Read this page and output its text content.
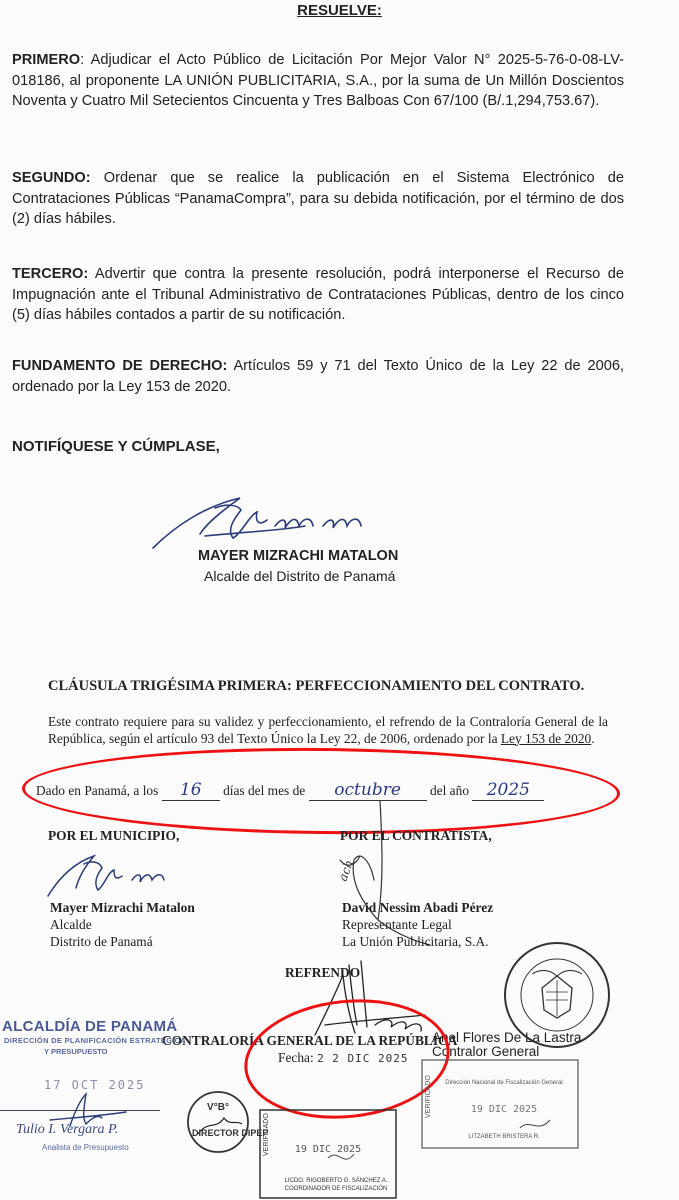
RESUELVE:
PRIMERO: Adjudicar el Acto Público de Licitación Por Mejor Valor N° 2025-5-76-0-08-LV-018186, al proponente LA UNIÓN PUBLICITARIA, S.A., por la suma de Un Millón Doscientos Noventa y Cuatro Mil Setecientos Cincuenta y Tres Balboas Con 67/100 (B/.1,294,753.67).
SEGUNDO: Ordenar que se realice la publicación en el Sistema Electrónico de Contrataciones Públicas “PanamaCompra”, para su debida notificación, por el término de dos (2) días hábiles.
TERCERO: Advertir que contra la presente resolución, podrá interponerse el Recurso de Impugnación ante el Tribunal Administrativo de Contrataciones Públicas, dentro de los cinco (5) días hábiles contados a partir de su notificación.
FUNDAMENTO DE DERECHO: Artículos 59 y 71 del Texto Único de la Ley 22 de 2006, ordenado por la Ley 153 de 2020.
NOTIFÍQUESE Y CÚMPLASE,
MAYER MIZRACHI MATALON
Alcalde del Distrito de Panamá
CLÁUSULA TRIGÉSIMA PRIMERA: PERFECCIONAMIENTO DEL CONTRATO.
Este contrato requiere para su validez y perfeccionamiento, el refrendo de la Contraloría General de la República, según el artículo 93 del Texto Único la Ley 22, de 2006, ordenado por la Ley 153 de 2020.
Dado en Panamá, a los 16 días del mes de octubre del año 2025
POR EL MUNICIPIO,	POR EL CONTRATISTA,
ach
Mayer Mizrachi Matalon
Alcalde
Distrito de Panamá
David Nessim Abadi Pérez
Representante Legal
La Unión Publicitaria, S.A.
REFRENDO
CONTRALORÍA GENERAL DE LA REPÚBLICA
Fecha: 2 2 DIC 2025
Anel Flores De La Lastra
Contralor General
ALCALDÍA DE PANAMÁ
DIRECCIÓN DE PLANIFICACIÓN ESTRATÉGICA
Y PRESUPUESTO
17 OCT 2025
Tulio I. Vergara P.
Analista de Presupuesto
V°B°
DIRECTOR DIPEP
VERIFICADO 19 DIC 2025
LICDO. RIGOBERTO G. SÁNCHEZ A.
COORDINADOR DE FISCALIZACIÓN
VERIFICADO Dirección Nacional de Fiscalización General
19 DIC 2025
LITZABETH BRISTERA R.
